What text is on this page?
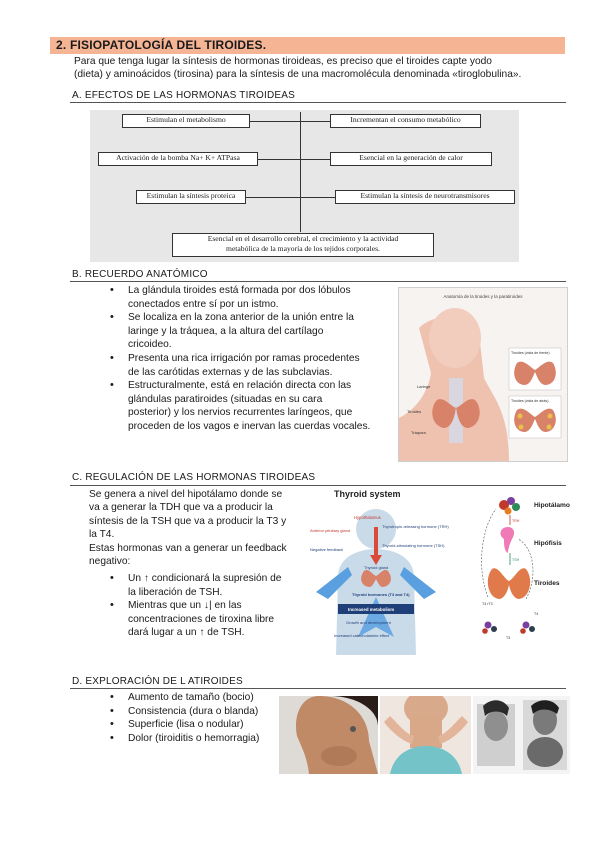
2. FISIOPATOLOGÍA DEL TIROIDES.
Para que tenga lugar la síntesis de hormonas tiroideas, es preciso que el tiroides capte yodo
(dieta) y aminoácidos (tirosina) para la síntesis de una macromolécula denominada «tiroglobulina».
A. EFECTOS DE LAS HORMONAS TIROIDEAS
Estimulan el metabolismo	Incrementan el consumo metabólico
Activación de la bomba Na+ K+ ATPasa	Esencial en la generación de calor
Estimulan la síntesis proteica	Estimulan la síntesis de neurotransmisores
Esencial en el desarrollo cerebral, el crecimiento y la actividad
metabólica de la mayoría de los tejidos corporales.
B. RECUERDO ANATÓMICO
• La glándula tiroides está formada por dos lóbulos
conectados entre sí por un istmo.
• Se localiza en la zona anterior de la unión entre la
laringe y la tráquea, a la altura del cartílago
cricoideo.
• Presenta una rica irrigación por ramas procedentes
de las carótidas externas y de las subclavias.
• Estructuralmente, está en relación directa con las
glándulas paratiroides (situadas en su cara
posterior) y los nervios recurrentes laríngeos, que
proceden de los vagos e inervan las cuerdas vocales.
Anatomía de la tiroides y la paratiroides
Laringe
Tiroides
Tráquea
Tiroides (vista de frente)
Tiroides (vista de atrás)
C. REGULACIÓN DE LAS HORMONAS TIROIDEAS
Se genera a nivel del hipotálamo donde se
va a generar la TDH que va a producir la
síntesis de la TSH que va a producir la T3 y
la T4.
Estas hormonas van a generar un feedback
negativo:
• Un ↑ condicionará la supresión de
la liberación de TSH.
• Mientras que un ↓| en las
concentraciones de tiroxina libre
dará lugar a un ↑ de TSH.
Thyroid system
Hypothalamus
Thyrotropin-releasing hormone (TRH)
Anterior pituitary gland
Thyroid-stimulating hormone (TSH)
Negative feedback
Thyroid gland
Thyroid hormones (T3 and T4)
Increased metabolism
Growth and development
Increased catecholamine effect
Hipotálamo
Hipófisis
Tiroides
TRH
TSH
T4 rT3
T3
T4
D. EXPLORACIÓN DE L ATIROIDES
• Aumento de tamaño (bocio)
• Consistencia (dura o blanda)
• Superficie (lisa o nodular)
• Dolor (tiroiditis o hemorragia)
